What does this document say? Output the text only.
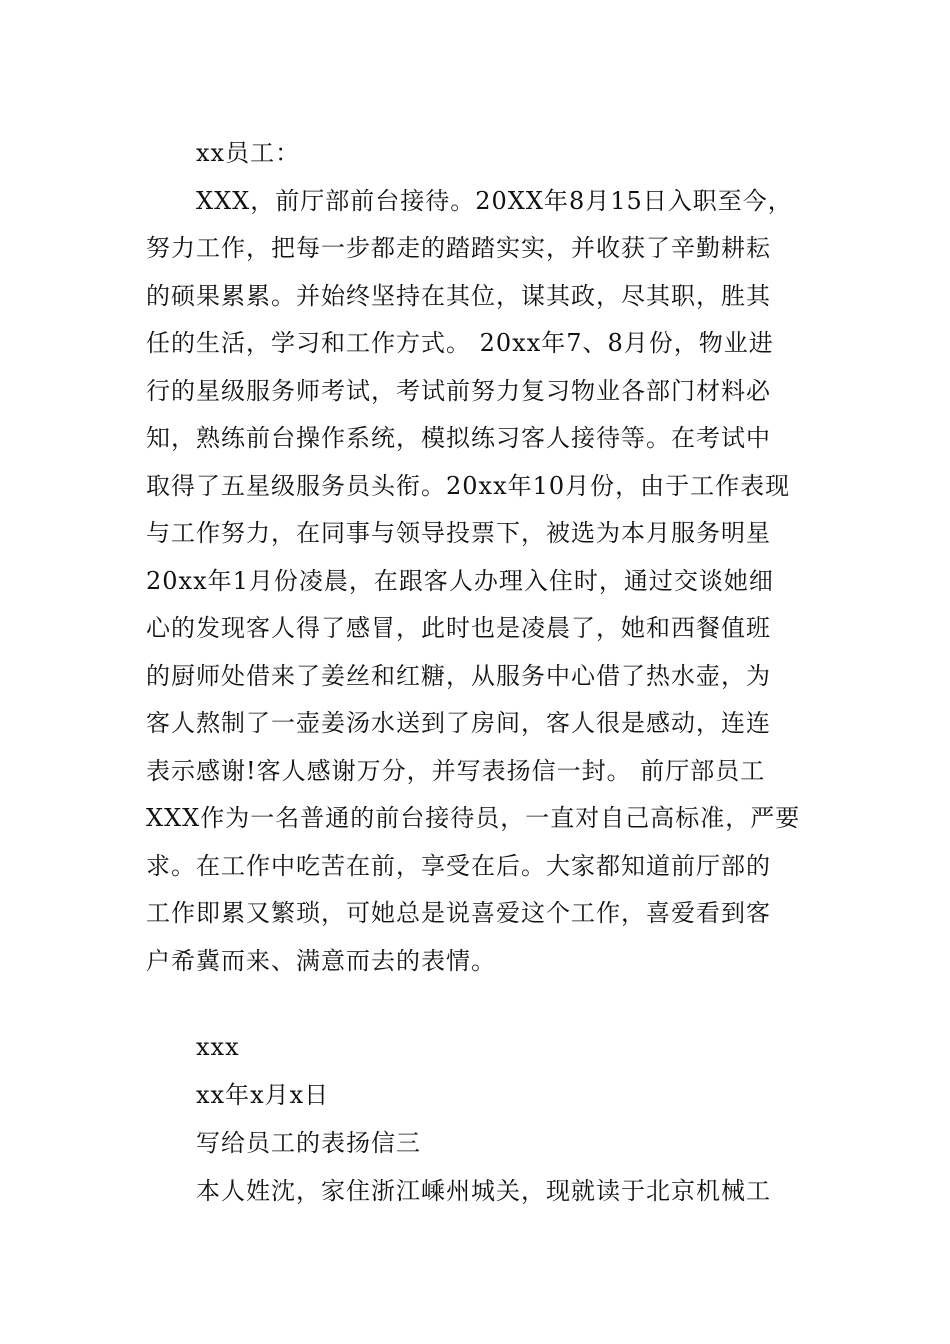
xx员工：
XXX，前厅部前台接待。20XX年8月15日入职至今，
努力工作，把每一步都走的踏踏实实，并收获了辛勤耕耘
的硕果累累。并始终坚持在其位，谋其政，尽其职，胜其
任的生活，学习和工作方式。 20xx年7、8月份，物业进
行的星级服务师考试，考试前努力复习物业各部门材料必
知，熟练前台操作系统，模拟练习客人接待等。在考试中
取得了五星级服务员头衔。20xx年10月份，由于工作表现
与工作努力，在同事与领导投票下，被选为本月服务明星
20xx年1月份凌晨，在跟客人办理入住时，通过交谈她细
心的发现客人得了感冒，此时也是凌晨了，她和西餐值班
的厨师处借来了姜丝和红糖，从服务中心借了热水壶，为
客人熬制了一壶姜汤水送到了房间，客人很是感动，连连
表示感谢!客人感谢万分，并写表扬信一封。 前厅部员工
XXX作为一名普通的前台接待员，一直对自己高标准，严要
求。在工作中吃苦在前，享受在后。大家都知道前厅部的
工作即累又繁琐，可她总是说喜爱这个工作，喜爱看到客
户希冀而来、满意而去的表情。
xxx
xx年x月x日
写给员工的表扬信三
本人姓沈，家住浙江嵊州城关，现就读于北京机械工
